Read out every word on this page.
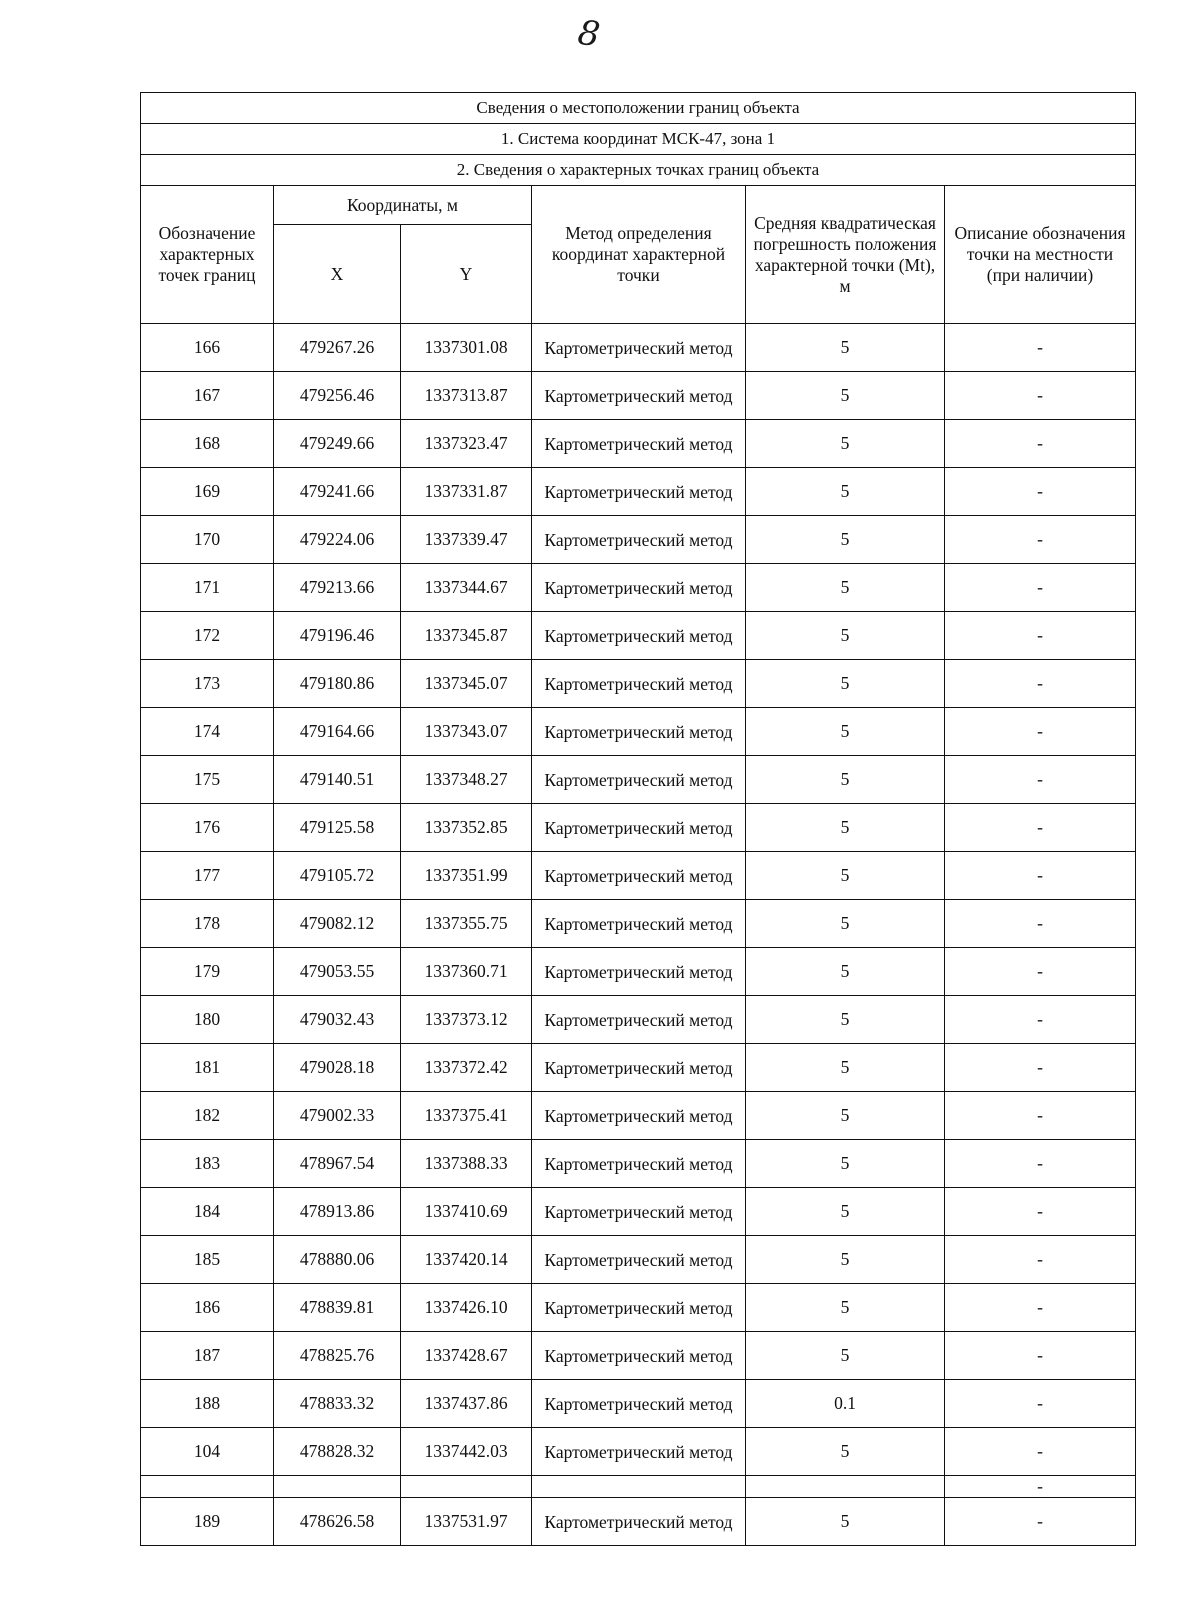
8
Сведения о местоположении границ объекта					
1. Система координат МСК-47, зона 1					
2. Сведения о характерных точках границ объекта					
Обозначение характерных точек границ	Координаты, м		Метод определения координат характерной точки	Средняя квадратическая погрешность положения характерной точки (Mt), м	Описание обозначения точки на местности (при наличии)
	X	Y			
166	479267.26	1337301.08	Картометрический метод	5	-
167	479256.46	1337313.87	Картометрический метод	5	-
168	479249.66	1337323.47	Картометрический метод	5	-
169	479241.66	1337331.87	Картометрический метод	5	-
170	479224.06	1337339.47	Картометрический метод	5	-
171	479213.66	1337344.67	Картометрический метод	5	-
172	479196.46	1337345.87	Картометрический метод	5	-
173	479180.86	1337345.07	Картометрический метод	5	-
174	479164.66	1337343.07	Картометрический метод	5	-
175	479140.51	1337348.27	Картометрический метод	5	-
176	479125.58	1337352.85	Картометрический метод	5	-
177	479105.72	1337351.99	Картометрический метод	5	-
178	479082.12	1337355.75	Картометрический метод	5	-
179	479053.55	1337360.71	Картометрический метод	5	-
180	479032.43	1337373.12	Картометрический метод	5	-
181	479028.18	1337372.42	Картометрический метод	5	-
182	479002.33	1337375.41	Картометрический метод	5	-
183	478967.54	1337388.33	Картометрический метод	5	-
184	478913.86	1337410.69	Картометрический метод	5	-
185	478880.06	1337420.14	Картометрический метод	5	-
186	478839.81	1337426.10	Картометрический метод	5	-
187	478825.76	1337428.67	Картометрический метод	5	-
188	478833.32	1337437.86	Картометрический метод	0.1	-
104	478828.32	1337442.03	Картометрический метод	5	-
					-
189	478626.58	1337531.97	Картометрический метод	5	-
